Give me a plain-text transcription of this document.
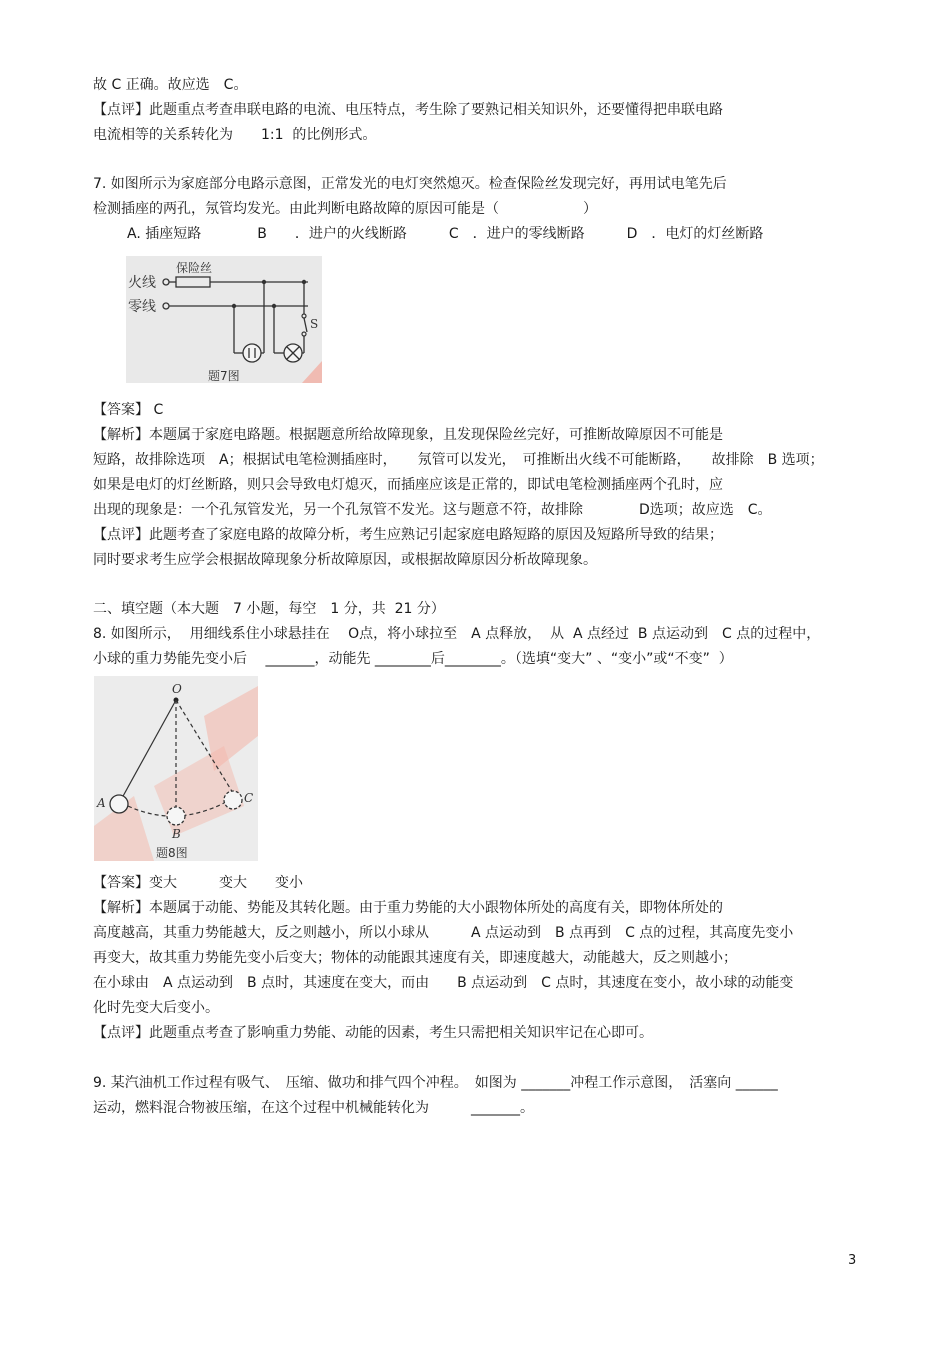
故 C 正确。故应选　C。
【点评】此题重点考查串联电路的电流、电压特点，考生除了要熟记相关知识外，还要懂得把串联电路
电流相等的关系转化为　　1:1  的比例形式。
7. 如图所示为家庭部分电路示意图，正常发光的电灯突然熄灭。检查保险丝发现完好，再用试电笔先后
检测插座的两孔，氖管均发光。由此判断电路故障的原因可能是（　　　　　　）
A. 插座短路　　　　B　　．进户的火线断路　　　C　．进户的零线断路　　　D　．电灯的灯丝断路
火线
零线
保险丝
S
题7图
【答案】 C
【解析】本题属于家庭电路题。根据题意所给故障现象，且发现保险丝完好，可推断故障原因不可能是
短路，故排除选项　A；根据试电笔检测插座时，　　氖管可以发光，　可推断出火线不可能断路，　　故排除　B 选项；
如果是电灯的灯丝断路，则只会导致电灯熄灭，而插座应该是正常的，即试电笔检测插座两个孔时，应
出现的现象是：一个孔氖管发光，另一个孔氖管不发光。这与题意不符，故排除　　　　D选项；故应选　C。
【点评】此题考查了家庭电路的故障分析，考生应熟记引起家庭电路短路的原因及短路所导致的结果；
同时要求考生应学会根据故障现象分析故障原因，或根据故障原因分析故障现象。
二、填空题（本大题　7 小题，每空　1 分，共  21 分）
8. 如图所示，  用细线系住小球悬挂在　 O点，将小球拉至　A 点释放，  从  A 点经过  B 点运动到　C 点的过程中，
小球的重力势能先变小后　 _______，动能先 ________后________。（选填“变大” 、“变小”或“不变”  ）
O
A
B
C
题8图
【答案】变大　　　变大　　变小
【解析】本题属于动能、势能及其转化题。由于重力势能的大小跟物体所处的高度有关，即物体所处的
高度越高，其重力势能越大，反之则越小，所以小球从　　　A 点运动到　B 点再到　C 点的过程，其高度先变小
再变大，故其重力势能先变小后变大；物体的动能跟其速度有关，即速度越大，动能越大，反之则越小；
在小球由　A 点运动到　B 点时，其速度在变大，而由　　B 点运动到　C 点时，其速度在变小，故小球的动能变
化时先变大后变小。
【点评】此题重点考查了影响重力势能、动能的因素，考生只需把相关知识牢记在心即可。
9. 某汽油机工作过程有吸气、　压缩、做功和排气四个冲程。　如图为 _______冲程工作示意图，　活塞向 ______
运动，燃料混合物被压缩，在这个过程中机械能转化为　　　_______。
3
